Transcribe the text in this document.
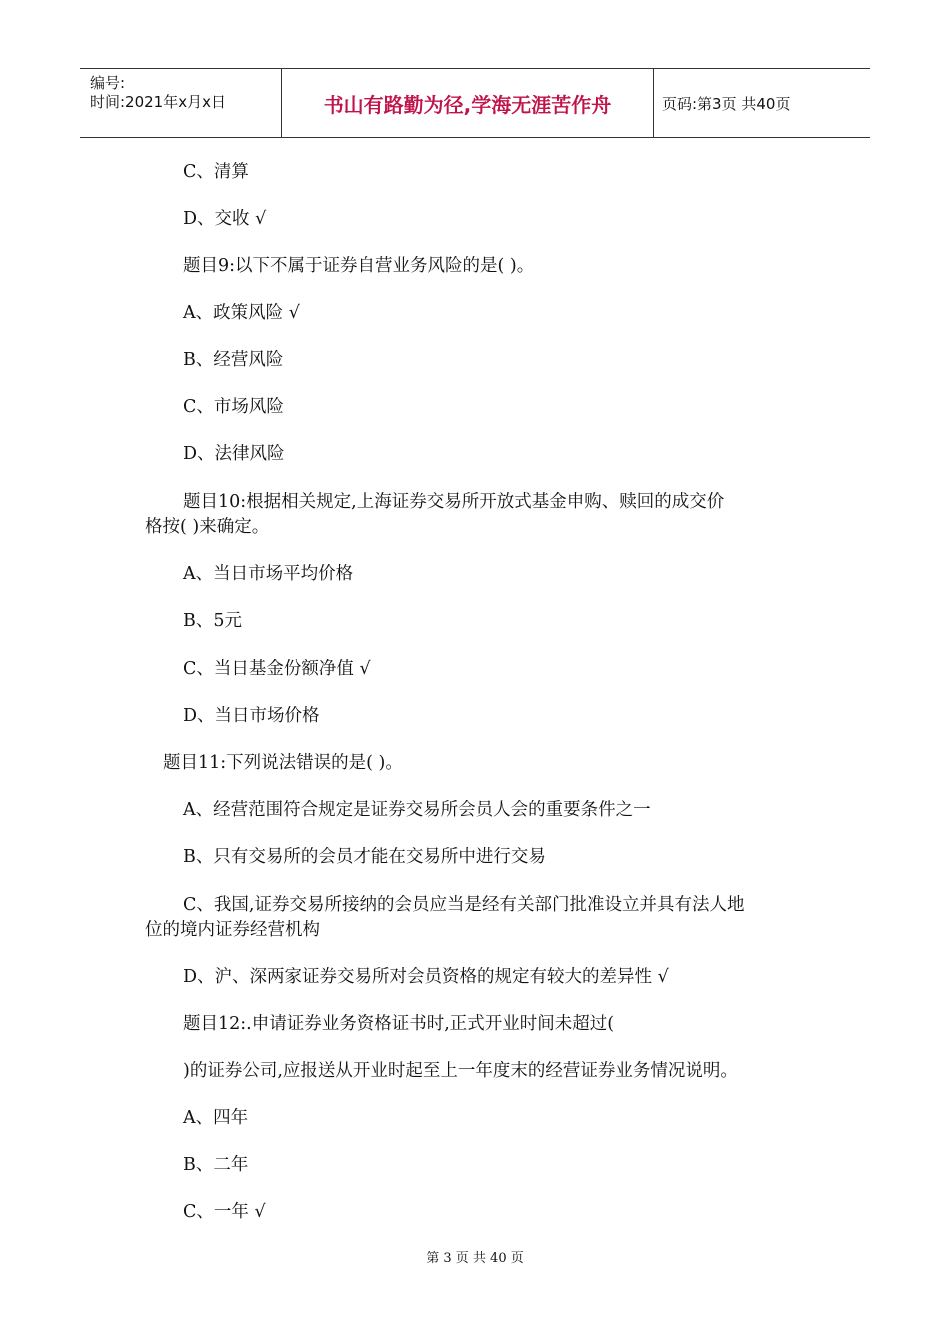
编号:
时间:2021年x月x日	书山有路勤为径,学海无涯苦作舟	页码:第3页 共40页
C、清算
D、交收 √
题目9:以下不属于证券自营业务风险的是( )。
A、政策风险 √
B、经营风险
C、市场风险
D、法律风险
题目10:根据相关规定,上海证券交易所开放式基金申购、赎回的成交价
格按( )来确定。
A、当日市场平均价格
B、5元
C、当日基金份额净值 √
D、当日市场价格
题目11:下列说法错误的是( )。
A、经营范围符合规定是证券交易所会员人会的重要条件之一
B、只有交易所的会员才能在交易所中进行交易
C、我国,证券交易所接纳的会员应当是经有关部门批准设立并具有法人地
位的境内证券经营机构
D、沪、深两家证券交易所对会员资格的规定有较大的差异性 √
题目12:.申请证券业务资格证书时,正式开业时间未超过(
)的证券公司,应报送从开业时起至上一年度末的经营证券业务情况说明。
A、四年
B、二年
C、一年 √
第 3 页 共 40 页
